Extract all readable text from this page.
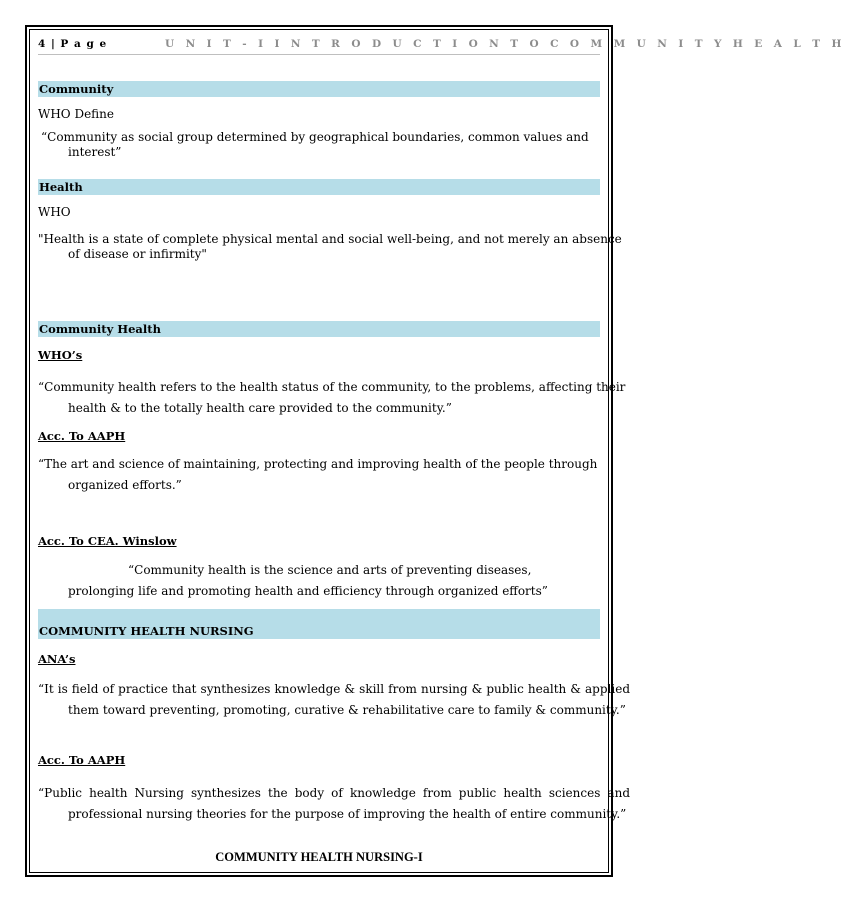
4 | P a g e	U N I T - I I N T R O D U C T I O N T O C O M M U N I T Y H E A L T H
Community
WHO Define
“Community as social group determined by geographical boundaries, common values and interest”
Health
WHO
"Health is a state of complete physical mental and social well-being, and not merely an absence of disease or infirmity"
Community Health
WHO’s
“Community health refers to the health status of the community, to the problems, affecting their health & to the totally health care provided to the community.”
Acc. To AAPH
“The art and science of maintaining, protecting and improving health of the people through organized efforts.”
Acc. To CEA. Winslow
“Community health is the science and arts of preventing diseases, prolonging life and promoting health and efficiency through organized efforts”
COMMUNITY HEALTH NURSING
ANA’s
“It is field of practice that synthesizes knowledge & skill from nursing & public health & applied them toward preventing, promoting, curative & rehabilitative care to family & community.”
Acc. To AAPH
“Public health Nursing synthesizes the body of knowledge from public health sciences and professional nursing theories for the purpose of improving the health of entire community.”
COMMUNITY HEALTH NURSING-I
